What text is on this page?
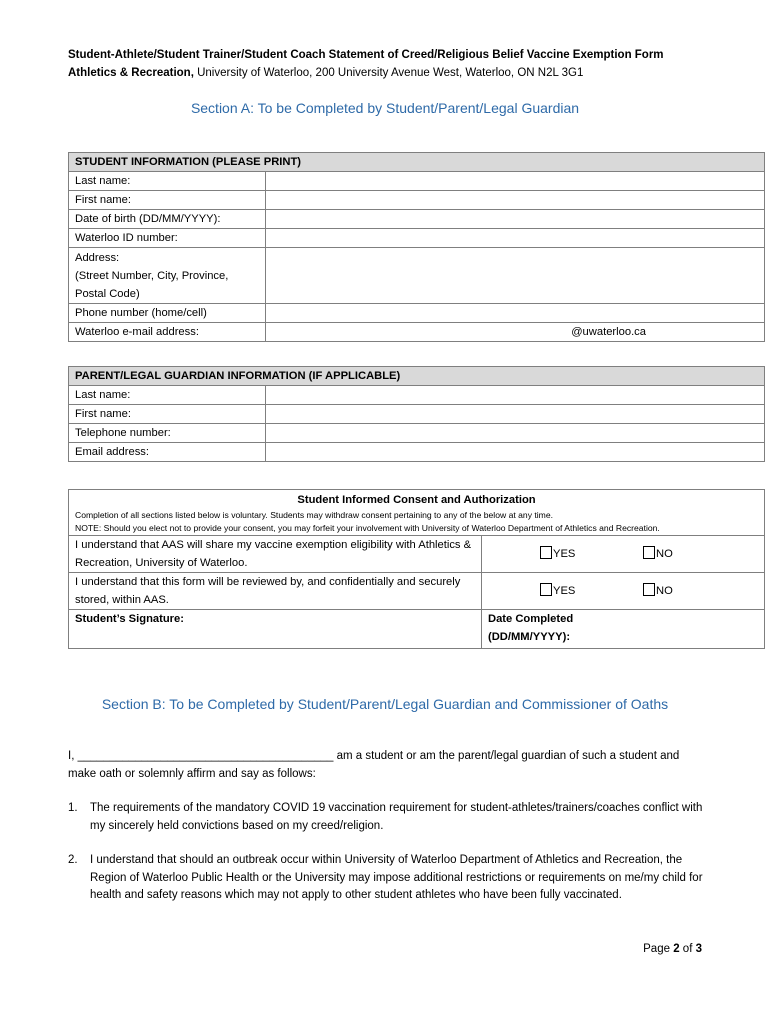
Student-Athlete/Student Trainer/Student Coach Statement of Creed/Religious Belief Vaccine Exemption Form
Athletics & Recreation, University of Waterloo, 200 University Avenue West, Waterloo, ON N2L 3G1
Section A: To be Completed by Student/Parent/Legal Guardian
STUDENT INFORMATION (PLEASE PRINT)	
Last name:	
First name:	
Date of birth (DD/MM/YYYY):	
Waterloo ID number:	
Address:
(Street Number, City, Province,
Postal Code)	
Phone number (home/cell)	
Waterloo e-mail address:	@uwaterloo.ca
PARENT/LEGAL GUARDIAN INFORMATION (IF APPLICABLE)	
Last name:	
First name:	
Telephone number:	
Email address:	
Student Informed Consent and Authorization	

Completion of all sections listed below is voluntary. Students may withdraw consent pertaining to any of the below at any time.
NOTE: Should you elect not to provide your consent, you may forfeit your involvement with University of Waterloo Department of Athletics and Recreation.	

I understand that AAS will share my vaccine exemption eligibility with Athletics & Recreation, University of Waterloo.	YES NO

I understand that this form will be reviewed by, and confidentially and securely stored, within AAS.	YES NO

Student’s Signature:	Date Completed
(DD/MM/YYYY):
Section B: To be Completed by Student/Parent/Legal Guardian and Commissioner of Oaths
I, ________________________________________ am a student or am the parent/legal guardian of such a student and make oath or solemnly affirm and say as follows:
1. The requirements of the mandatory COVID 19 vaccination requirement for student-athletes/trainers/coaches conflict with my sincerely held convictions based on my creed/religion.
2. I understand that should an outbreak occur within University of Waterloo Department of Athletics and Recreation, the Region of Waterloo Public Health or the University may impose additional restrictions or requirements on me/my child for health and safety reasons which may not apply to other student athletes who have been fully vaccinated.
Page 2 of 3
